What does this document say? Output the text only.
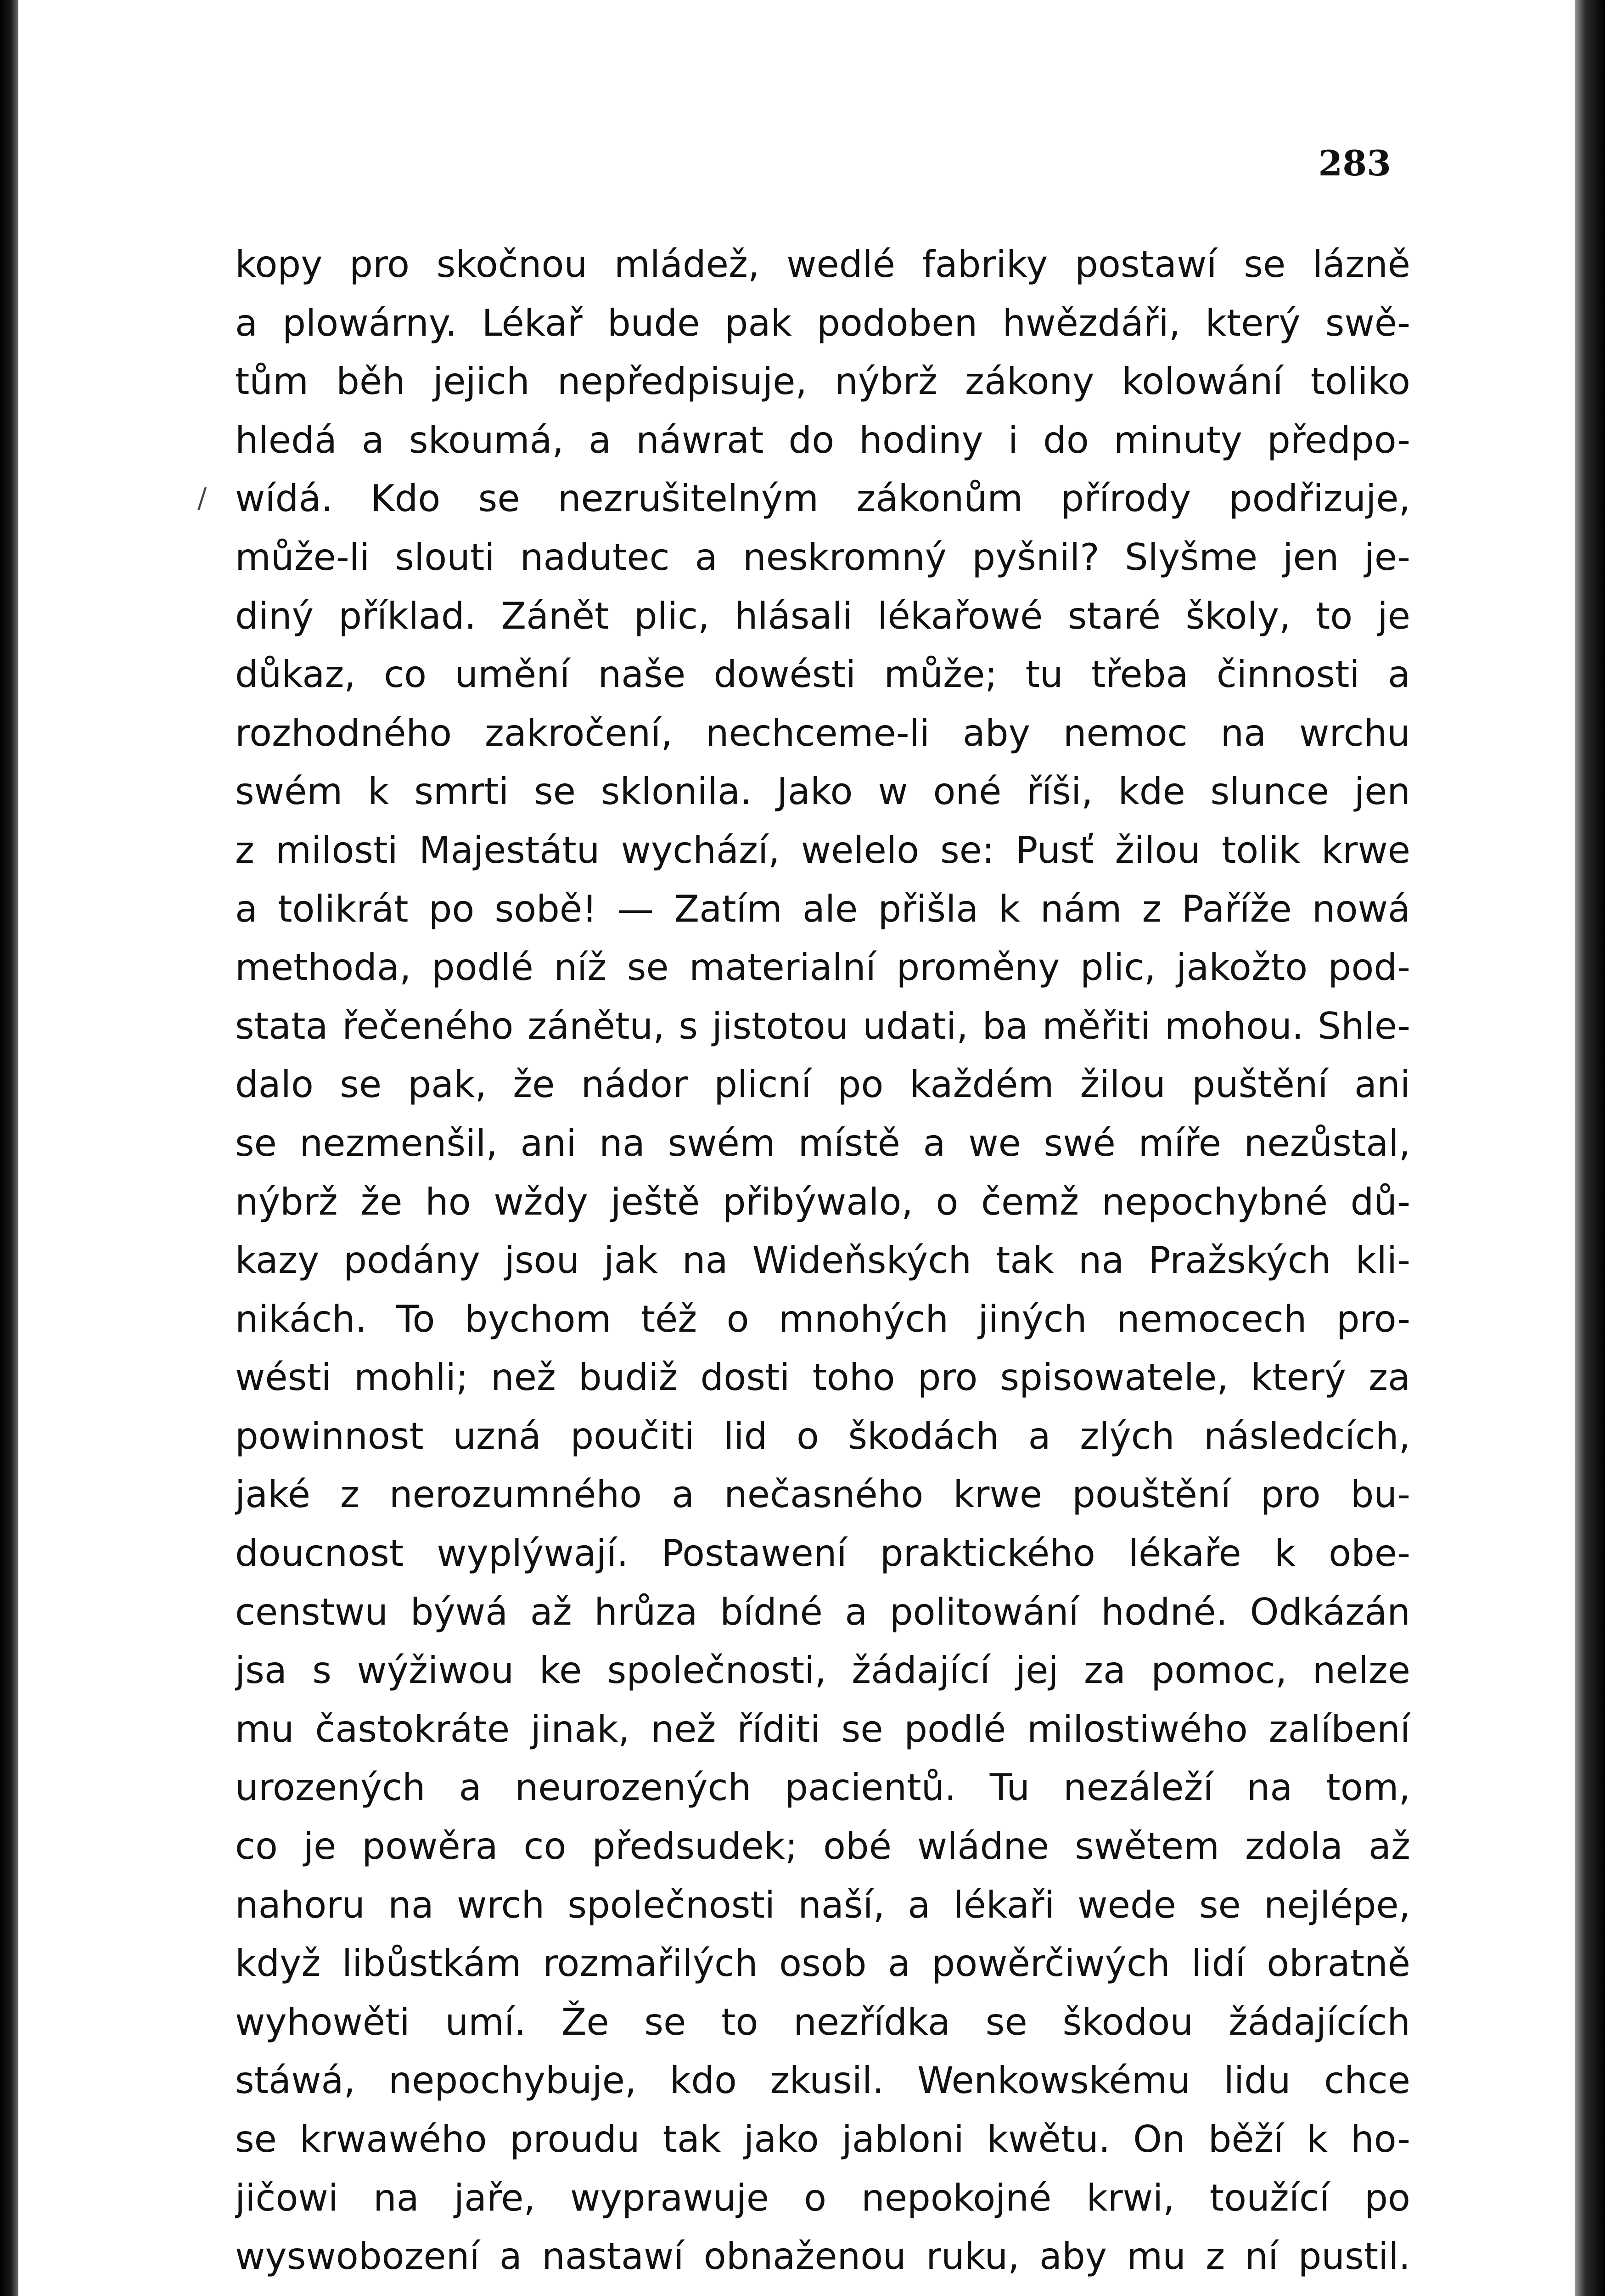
283
/
kopy pro skočnou mládež, wedlé fabriky postawí se lázně
a plowárny. Lékař bude pak podoben hwězdáři, který swě-
tům běh jejich nepředpisuje, nýbrž zákony kolowání toliko
hledá a skoumá, a náwrat do hodiny i do minuty předpo-
wídá. Kdo se nezrušitelným zákonům přírody podřizuje,
může-li slouti nadutec a neskromný pyšnil? Slyšme jen je-
diný příklad. Zánět plic, hlásali lékařowé staré školy, to je
důkaz, co umění naše dowésti může; tu třeba činnosti a
rozhodného zakročení, nechceme-li aby nemoc na wrchu
swém k smrti se sklonila. Jako w oné říši, kde slunce jen
z milosti Majestátu wychází, welelo se: Pusť žilou tolik krwe
a tolikrát po sobě! — Zatím ale přišla k nám z Paříže nowá
methoda, podlé níž se materialní proměny plic, jakožto pod-
stata řečeného zánětu, s jistotou udati, ba měřiti mohou. Shle-
dalo se pak, že nádor plicní po každém žilou puštění ani
se nezmenšil, ani na swém místě a we swé míře nezůstal,
nýbrž že ho wždy ještě přibýwalo, o čemž nepochybné dů-
kazy podány jsou jak na Wideňských tak na Pražských kli-
nikách. To bychom též o mnohých jiných nemocech pro-
wésti mohli; než budiž dosti toho pro spisowatele, který za
powinnost uzná poučiti lid o škodách a zlých následcích,
jaké z nerozumného a nečasného krwe pouštění pro bu-
doucnost wyplýwají. Postawení praktického lékaře k obe-
censtwu býwá až hrůza bídné a politowání hodné. Odkázán
jsa s wýžiwou ke společnosti, žádající jej za pomoc, nelze
mu častokráte jinak, než říditi se podlé milostiwého zalíbení
urozených a neurozených pacientů. Tu nezáleží na tom,
co je powěra co předsudek; obé wládne swětem zdola až
nahoru na wrch společnosti naší, a lékaři wede se nejlépe,
když libůstkám rozmařilých osob a powěrčiwých lidí obratně
wyhowěti umí. Že se to nezřídka se škodou žádajících
stáwá, nepochybuje, kdo zkusil. Wenkowskému lidu chce
se krwawého proudu tak jako jabloni kwětu. On běží k ho-
jičowi na jaře, wyprawuje o nepokojné krwi, toužící po
wyswobození a nastawí obnaženou ruku, aby mu z ní pustil.
